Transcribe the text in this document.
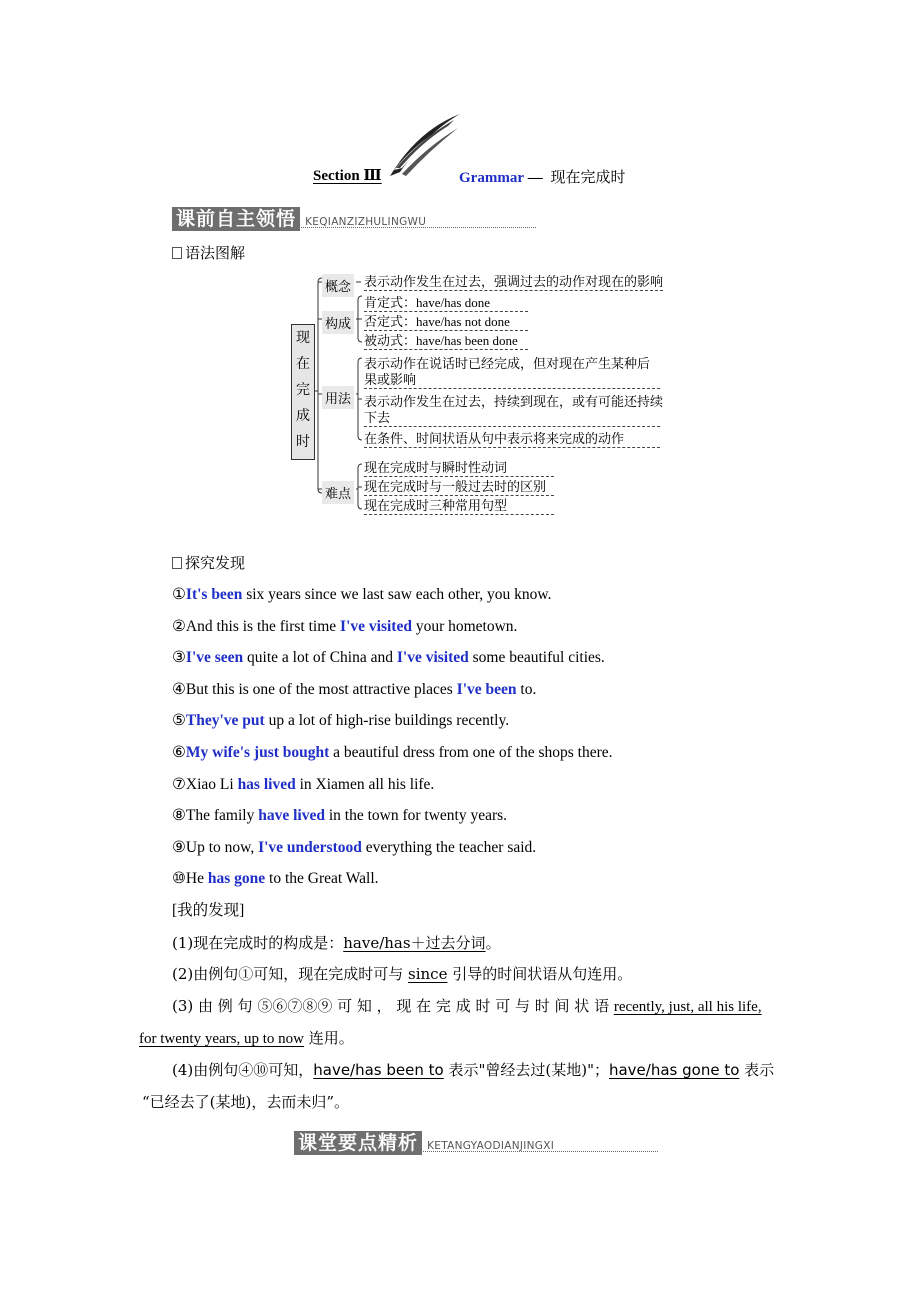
Section Ⅲ	Grammar — 现在完成时
课前自主领悟 KEQIANZIZHULINGWU
语法图解
现
在
完
成
时
概念
构成
用法
难点
表示动作发生在过去，强调过去的动作对现在的影响
肯定式：have/has done
否定式：have/has not done
被动式：have/has been done
表示动作在说话时已经完成，但对现在产生某种后
果或影响
表示动作发生在过去，持续到现在，或有可能还持续
下去
在条件、时间状语从句中表示将来完成的动作
现在完成时与瞬时性动词
现在完成时与一般过去时的区别
现在完成时三种常用句型
探究发现
①It's been six years since we last saw each other, you know.
②And this is the first time I've visited your hometown.
③I've seen quite a lot of China and I've visited some beautiful cities.
④But this is one of the most attractive places I've been to.
⑤They've put up a lot of high-rise buildings recently.
⑥My wife's just bought a beautiful dress from one of the shops there.
⑦Xiao Li has lived in Xiamen all his life.
⑧The family have lived in the town for twenty years.
⑨Up to now, I've understood everything the teacher said.
⑩He has gone to the Great Wall.
[我的发现]
(1)现在完成时的构成是：have/has＋过去分词。
(2)由例句①可知，现在完成时可与 since 引导的时间状语从句连用。
(3) 由 例 句 ⑤⑥⑦⑧⑨ 可 知 ， 现 在 完 成 时 可 与 时 间 状 语 recently, just, all his life,
for twenty years, up to now 连用。
(4)由例句④⑩可知，have/has been to 表示"曾经去过(某地)"；have/has gone to 表示
“已经去了(某地)，去而未归”。
课堂要点精析 KETANGYAODIANJINGXI
